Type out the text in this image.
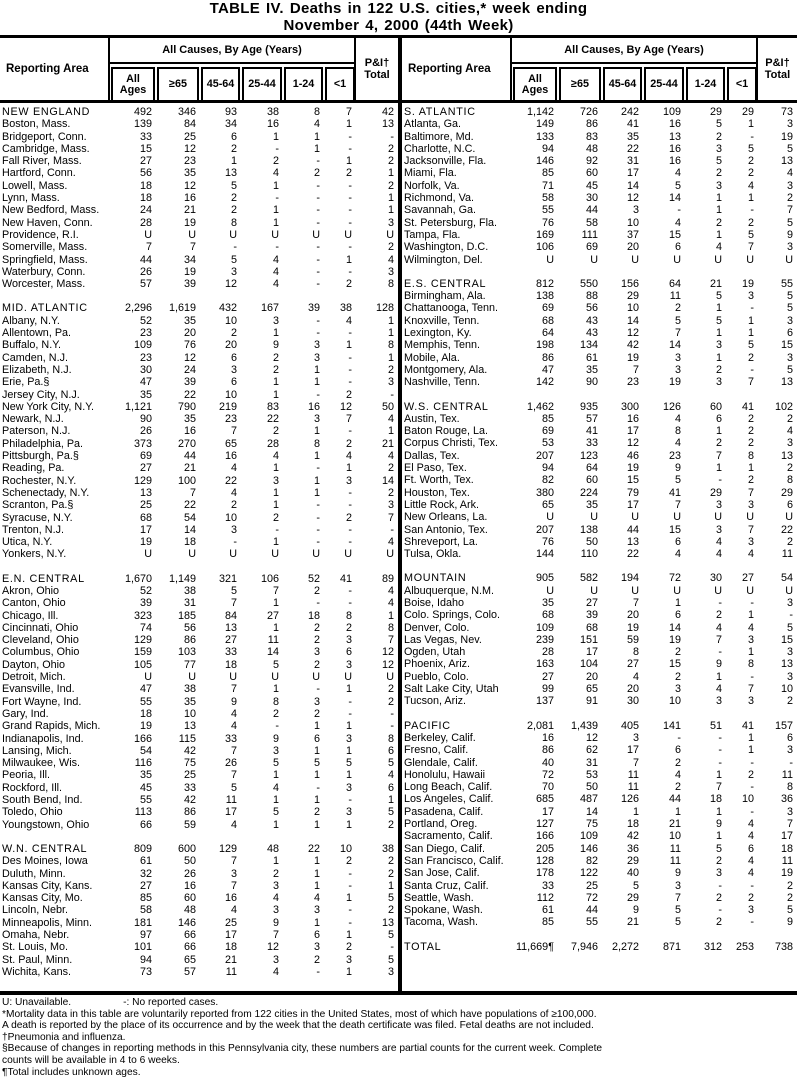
TABLE IV. Deaths in 122 U.S. cities,* week ending
November 4, 2000 (44th Week)
Reporting Area
All Causes, By Age (Years)
All Ages	≥65	45-64	25-44	1-24	<1
P&I†
Total	Reporting Area
All Causes, By Age (Years)
All Ages	≥65	45-64	25-44	1-24	<1
P&I†
Total
NEW ENGLAND	492	346	93	38	8	7	42
Boston, Mass.	139	84	34	16	4	1	13
Bridgeport, Conn.	33	25	6	1	1	-	-
Cambridge, Mass.	15	12	2	-	1	-	2
Fall River, Mass.	27	23	1	2	-	1	2
Hartford, Conn.	56	35	13	4	2	2	1
Lowell, Mass.	18	12	5	1	-	-	2
Lynn, Mass.	18	16	2	-	-	-	1
New Bedford, Mass.	24	21	2	1	-	-	1
New Haven, Conn.	28	19	8	1	-	-	3
Providence, R.I.	U	U	U	U	U	U	U
Somerville, Mass.	7	7	-	-	-	-	2
Springfield, Mass.	44	34	5	4	-	1	4
Waterbury, Conn.	26	19	3	4	-	-	3
Worcester, Mass.	57	39	12	4	-	2	8
MID. ATLANTIC	2,296	1,619	432	167	39	38	128
Albany, N.Y.	52	35	10	3	-	4	1
Allentown, Pa.	23	20	2	1	-	-	1
Buffalo, N.Y.	109	76	20	9	3	1	8
Camden, N.J.	23	12	6	2	3	-	1
Elizabeth, N.J.	30	24	3	2	1	-	2
Erie, Pa.§	47	39	6	1	1	-	3
Jersey City, N.J.	35	22	10	1	-	2	-
New York City, N.Y.	1,121	790	219	83	16	12	50
Newark, N.J.	90	35	23	22	3	7	4
Paterson, N.J.	26	16	7	2	1	-	1
Philadelphia, Pa.	373	270	65	28	8	2	21
Pittsburgh, Pa.§	69	44	16	4	1	4	4
Reading, Pa.	27	21	4	1	-	1	2
Rochester, N.Y.	129	100	22	3	1	3	14
Schenectady, N.Y.	13	7	4	1	1	-	2
Scranton, Pa.§	25	22	2	1	-	-	3
Syracuse, N.Y.	68	54	10	2	-	2	7
Trenton, N.J.	17	14	3	-	-	-	-
Utica, N.Y.	19	18	-	1	-	-	4
Yonkers, N.Y.	U	U	U	U	U	U	U
E.N. CENTRAL	1,670	1,149	321	106	52	41	89
Akron, Ohio	52	38	5	7	2	-	4
Canton, Ohio	39	31	7	1	-	-	4
Chicago, Ill.	323	185	84	27	18	8	1
Cincinnati, Ohio	74	56	13	1	2	2	8
Cleveland, Ohio	129	86	27	11	2	3	7
Columbus, Ohio	159	103	33	14	3	6	12
Dayton, Ohio	105	77	18	5	2	3	12
Detroit, Mich.	U	U	U	U	U	U	U
Evansville, Ind.	47	38	7	1	-	1	2
Fort Wayne, Ind.	55	35	9	8	3	-	2
Gary, Ind.	18	10	4	2	2	-	-
Grand Rapids, Mich.	19	13	4	-	1	1	-
Indianapolis, Ind.	166	115	33	9	6	3	8
Lansing, Mich.	54	42	7	3	1	1	6
Milwaukee, Wis.	116	75	26	5	5	5	5
Peoria, Ill.	35	25	7	1	1	1	4
Rockford, Ill.	45	33	5	4	-	3	6
South Bend, Ind.	55	42	11	1	1	-	1
Toledo, Ohio	113	86	17	5	2	3	5
Youngstown, Ohio	66	59	4	1	1	1	2
W.N. CENTRAL	809	600	129	48	22	10	38
Des Moines, Iowa	61	50	7	1	1	2	2
Duluth, Minn.	32	26	3	2	1	-	2
Kansas City, Kans.	27	16	7	3	1	-	1
Kansas City, Mo.	85	60	16	4	4	1	5
Lincoln, Nebr.	58	48	4	3	3	-	2
Minneapolis, Minn.	181	146	25	9	1	-	13
Omaha, Nebr.	97	66	17	7	6	1	5
St. Louis, Mo.	101	66	18	12	3	2	-
St. Paul, Minn.	94	65	21	3	2	3	5
Wichita, Kans.	73	57	11	4	-	1	3
S. ATLANTIC	1,142	726	242	109	29	29	73
Atlanta, Ga.	149	86	41	16	5	1	3
Baltimore, Md.	133	83	35	13	2	-	19
Charlotte, N.C.	94	48	22	16	3	5	5
Jacksonville, Fla.	146	92	31	16	5	2	13
Miami, Fla.	85	60	17	4	2	2	4
Norfolk, Va.	71	45	14	5	3	4	3
Richmond, Va.	58	30	12	14	1	1	2
Savannah, Ga.	55	44	3	-	1	-	7
St. Petersburg, Fla.	76	58	10	4	2	2	5
Tampa, Fla.	169	111	37	15	1	5	9
Washington, D.C.	106	69	20	6	4	7	3
Wilmington, Del.	U	U	U	U	U	U	U
E.S. CENTRAL	812	550	156	64	21	19	55
Birmingham, Ala.	138	88	29	11	5	3	5
Chattanooga, Tenn.	69	56	10	2	1	-	5
Knoxville, Tenn.	68	43	14	5	5	1	3
Lexington, Ky.	64	43	12	7	1	1	6
Memphis, Tenn.	198	134	42	14	3	5	15
Mobile, Ala.	86	61	19	3	1	2	3
Montgomery, Ala.	47	35	7	3	2	-	5
Nashville, Tenn.	142	90	23	19	3	7	13
W.S. CENTRAL	1,462	935	300	126	60	41	102
Austin, Tex.	85	57	16	4	6	2	2
Baton Rouge, La.	69	41	17	8	1	2	4
Corpus Christi, Tex.	53	33	12	4	2	2	3
Dallas, Tex.	207	123	46	23	7	8	13
El Paso, Tex.	94	64	19	9	1	1	2
Ft. Worth, Tex.	82	60	15	5	-	2	8
Houston, Tex.	380	224	79	41	29	7	29
Little Rock, Ark.	65	35	17	7	3	3	6
New Orleans, La.	U	U	U	U	U	U	U
San Antonio, Tex.	207	138	44	15	3	7	22
Shreveport, La.	76	50	13	6	4	3	2
Tulsa, Okla.	144	110	22	4	4	4	11
MOUNTAIN	905	582	194	72	30	27	54
Albuquerque, N.M.	U	U	U	U	U	U	U
Boise, Idaho	35	27	7	1	-	-	3
Colo. Springs, Colo.	68	39	20	6	2	1	-
Denver, Colo.	109	68	19	14	4	4	5
Las Vegas, Nev.	239	151	59	19	7	3	15
Ogden, Utah	28	17	8	2	-	1	3
Phoenix, Ariz.	163	104	27	15	9	8	13
Pueblo, Colo.	27	20	4	2	1	-	3
Salt Lake City, Utah	99	65	20	3	4	7	10
Tucson, Ariz.	137	91	30	10	3	3	2
PACIFIC	2,081	1,439	405	141	51	41	157
Berkeley, Calif.	16	12	3	-	-	1	6
Fresno, Calif.	86	62	17	6	-	1	3
Glendale, Calif.	40	31	7	2	-	-	-
Honolulu, Hawaii	72	53	11	4	1	2	11
Long Beach, Calif.	70	50	11	2	7	-	8
Los Angeles, Calif.	685	487	126	44	18	10	36
Pasadena, Calif.	17	14	1	1	1	-	3
Portland, Oreg.	127	75	18	21	9	4	7
Sacramento, Calif.	166	109	42	10	1	4	17
San Diego, Calif.	205	146	36	11	5	6	18
San Francisco, Calif.	128	82	29	11	2	4	11
San Jose, Calif.	178	122	40	9	3	4	19
Santa Cruz, Calif.	33	25	5	3	-	-	2
Seattle, Wash.	112	72	29	7	2	2	2
Spokane, Wash.	61	44	9	5	-	3	5
Tacoma, Wash.	85	55	21	5	2	-	9
TOTAL	11,669¶	7,946	2,272	871	312	253	738
U: Unavailable.	-: No reported cases.
*Mortality data in this table are voluntarily reported from 122 cities in the United States, most of which have populations of ≥100,000.
A death is reported by the place of its occurrence and by the week that the death certificate was filed. Fetal deaths are not included.
†Pneumonia and influenza.
§Because of changes in reporting methods in this Pennsylvania city, these numbers are partial counts for the current week. Complete
counts will be available in 4 to 6 weeks.
¶Total includes unknown ages.
